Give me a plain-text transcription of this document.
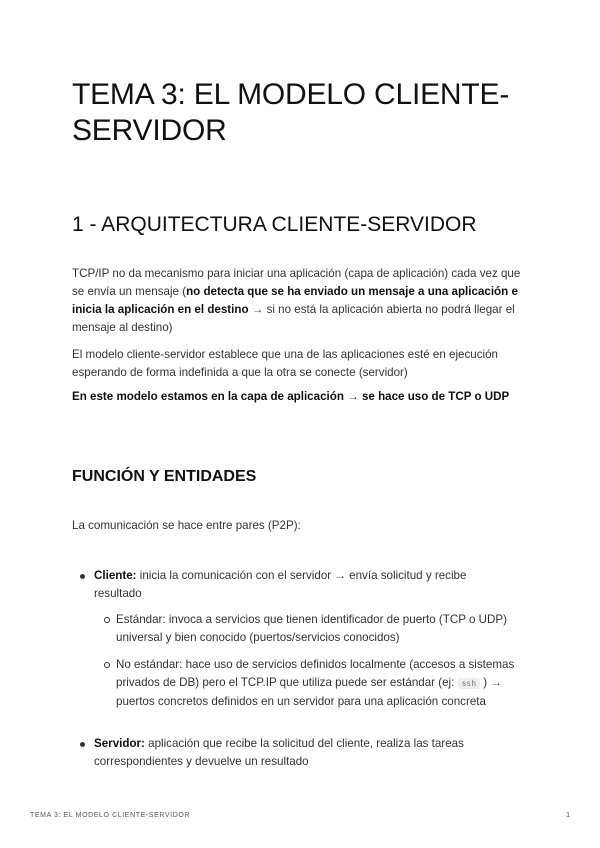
TEMA 3: EL MODELO CLIENTE-SERVIDOR
1 - ARQUITECTURA CLIENTE-SERVIDOR

TCP/IP no da mecanismo para iniciar una aplicación (capa de aplicación) cada vez que se envía un mensaje (no detecta que se ha enviado un mensaje a una aplicación e inicia la aplicación en el destino → si no está la aplicación abierta no podrá llegar el mensaje al destino)

El modelo cliente-servidor establece que una de las aplicaciones esté en ejecución esperando de forma indefinida a que la otra se conecte (servidor)

En este modelo estamos en la capa de aplicación → se hace uso de TCP o UDP

FUNCIÓN Y ENTIDADES

La comunicación se hace entre pares (P2P):

Cliente: inicia la comunicación con el servidor → envía solicitud y recibe resultado
Estándar: invoca a servicios que tienen identificador de puerto (TCP o UDP) universal y bien conocido (puertos/servicios conocidos)
No estándar: hace uso de servicios definidos localmente (accesos a sistemas privados de DB) pero el TCP.IP que utiliza puede ser estándar (ej: ssh ) → puertos concretos definidos en un servidor para una aplicación concreta
Servidor: aplicación que recibe la solicitud del cliente, realiza las tareas correspondientes y devuelve un resultado
TEMA 3: EL MODELO CLIENTE-SERVIDOR	1
